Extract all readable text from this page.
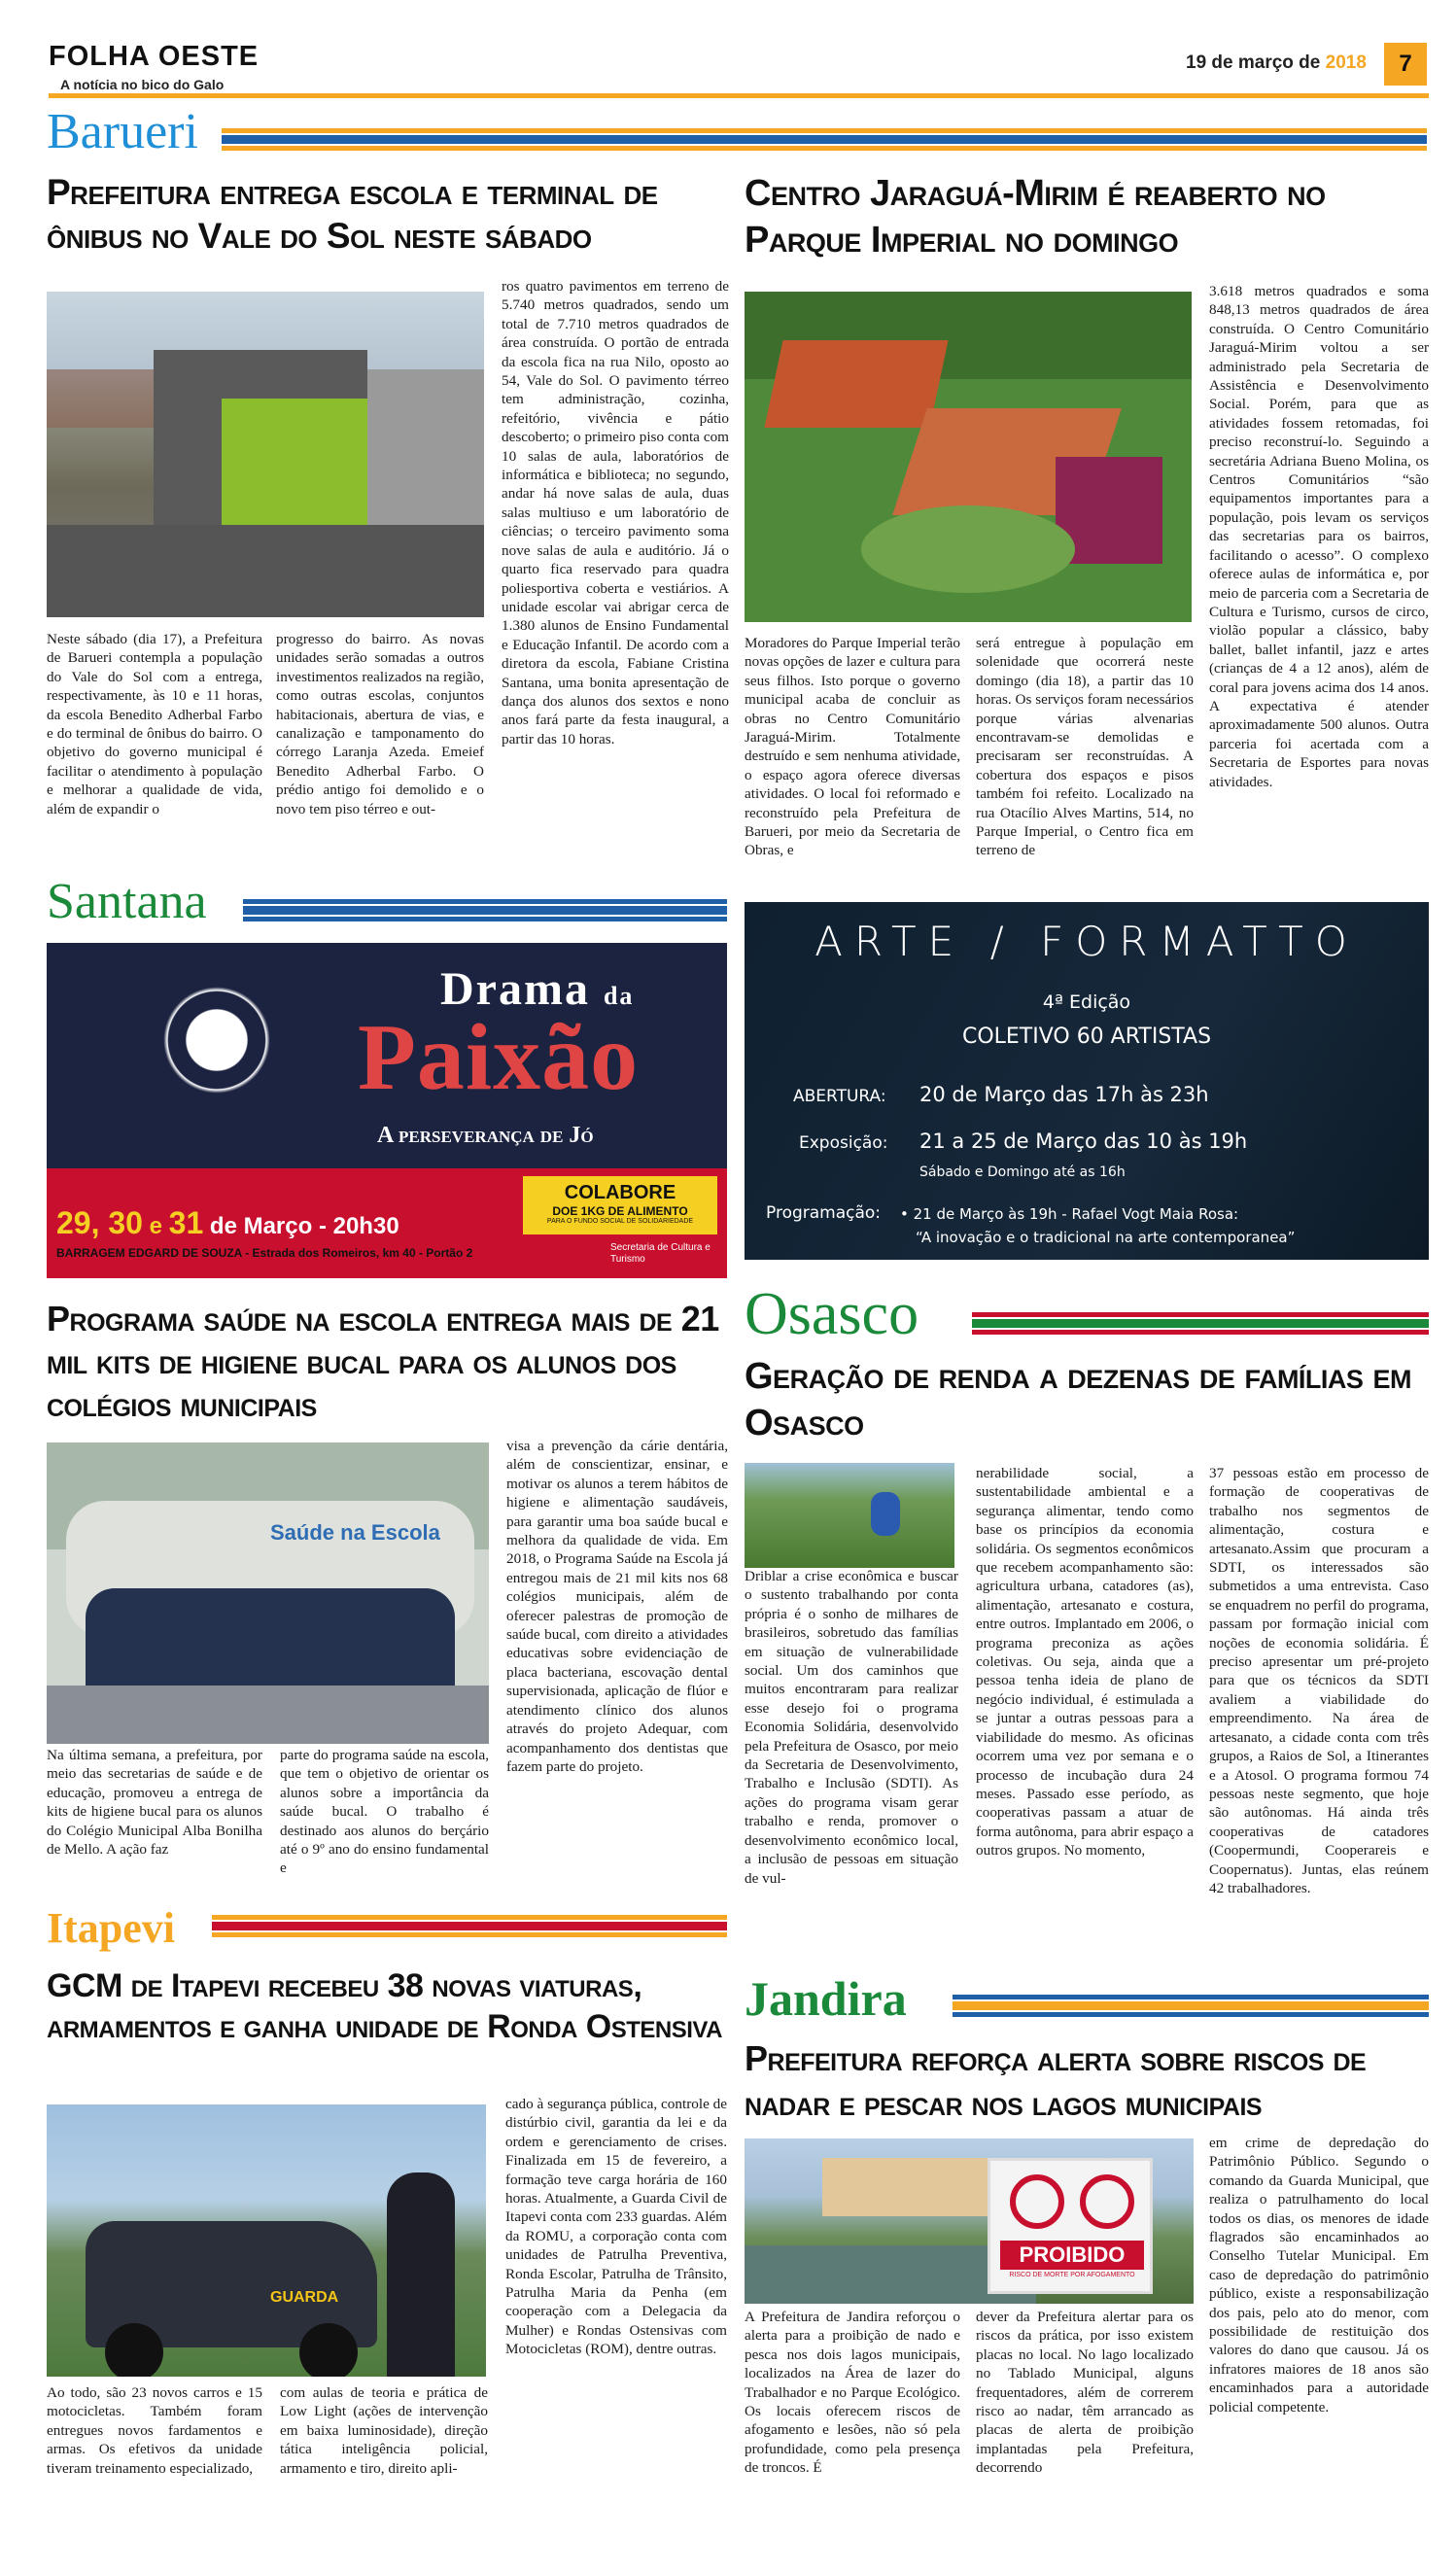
FOLHA OESTE
A notícia no bico do Galo
19 de março de 2018	7
Barueri
Prefeitura entrega escola e terminal de ônibus no Vale do Sol neste sábado
Neste sábado (dia 17), a Prefeitura de Barueri contempla a população do Vale do Sol com a entrega, respectivamente, às 10 e 11 horas, da escola Benedito Adherbal Farbo e do terminal de ônibus do bairro. O objetivo do governo municipal é facilitar o atendimento à população e melhorar a qualidade de vida, além de expandir o
progresso do bairro. As novas unidades serão somadas a outros investimentos realizados na região, como outras escolas, conjuntos habitacionais, abertura de vias, e canalização e tamponamento do córrego Laranja Azeda. Emeief Benedito Adherbal Farbo. O prédio antigo foi demolido e o novo tem piso térreo e out-
ros quatro pavimentos em terreno de 5.740 metros quadrados, sendo um total de 7.710 metros quadrados de área construída. O portão de entrada da escola fica na rua Nilo, oposto ao 54, Vale do Sol. O pavimento térreo tem administração, cozinha, refeitório, vivência e pátio descoberto; o primeiro piso conta com 10 salas de aula, laboratórios de informática e biblioteca; no segundo, andar há nove salas de aula, duas salas multiuso e um laboratório de ciências; o terceiro pavimento soma nove salas de aula e auditório. Já o quarto fica reservado para quadra poliesportiva coberta e vestiários. A unidade escolar vai abrigar cerca de 1.380 alunos de Ensino Fundamental e Educação Infantil. De acordo com a diretora da escola, Fabiane Cristina Santana, uma bonita apresentação de dança dos alunos dos sextos e nono anos fará parte da festa inaugural, a partir das 10 horas.
Centro Jaraguá-Mirim é reaberto no Parque Imperial no domingo
3.618 metros quadrados e soma 848,13 metros quadrados de área construída. O Centro Comunitário Jaraguá-Mirim voltou a ser administrado pela Secretaria de Assistência e Desenvolvimento Social. Porém, para que as atividades fossem retomadas, foi preciso reconstruí-lo. Seguindo a secretária Adriana Bueno Molina, os Centros Comunitários “são equipamentos importantes para a população, pois levam os serviços das secretarias para os bairros, facilitando o acesso”. O complexo oferece aulas de informática e, por meio de parceria com a Secretaria de Cultura e Turismo, cursos de circo, violão popular a clássico, baby ballet, ballet infantil, jazz e artes (crianças de 4 a 12 anos), além de coral para jovens acima dos 14 anos. A expectativa é atender aproximadamente 500 alunos. Outra parceria foi acertada com a Secretaria de Esportes para novas atividades.
Moradores do Parque Imperial terão novas opções de lazer e cultura para seus filhos. Isto porque o governo municipal acaba de concluir as obras no Centro Comunitário Jaraguá-Mirim. Totalmente destruído e sem nenhuma atividade, o espaço agora oferece diversas atividades. O local foi reformado e reconstruído pela Prefeitura de Barueri, por meio da Secretaria de Obras, e
será entregue à população em solenidade que ocorrerá neste domingo (dia 18), a partir das 10 horas. Os serviços foram necessários porque várias alvenarias encontravam-se demolidas e precisaram ser reconstruídas. A cobertura dos espaços e pisos também foi refeito. Localizado na rua Otacílio Alves Martins, 514, no Parque Imperial, o Centro fica em terreno de
Santana
Drama da
Paixão
A perseverança de Jó
29, 30 e 31 de Março - 20h30
BARRAGEM EDGARD DE SOUZA - Estrada dos Romeiros, km 40 - Portão 2
COLABORE
DOE 1KG DE ALIMENTO
PARA O FUNDO SOCIAL DE SOLIDARIEDADE
Secretaria de Cultura e Turismo
ARTE / FORMATTO
4ª Edição
COLETIVO 60 ARTISTAS
ABERTURA: 20 de Março das 17h às 23h
Exposição: 21 a 25 de Março das 10 às 19h
Sábado e Domingo até as 16h
Programação: • 21 de Março às 19h - Rafael Vogt Maia Rosa:
“A inovação e o tradicional na arte contemporanea”
Programa saúde na escola entrega mais de 21 mil kits de higiene bucal para os alunos dos colégios municipais
Saúde na Escola
Na última semana, a prefeitura, por meio das secretarias de saúde e de educação, promoveu a entrega de kits de higiene bucal para os alunos do Colégio Municipal Alba Bonilha de Mello. A ação faz
parte do programa saúde na escola, que tem o objetivo de orientar os alunos sobre a importância da saúde bucal. O trabalho é destinado aos alunos do berçário até o 9º ano do ensino fundamental e
visa a prevenção da cárie dentária, além de conscientizar, ensinar, e motivar os alunos a terem hábitos de higiene e alimentação saudáveis, para garantir uma boa saúde bucal e melhora da qualidade de vida. Em 2018, o Programa Saúde na Escola já entregou mais de 21 mil kits nos 68 colégios municipais, além de oferecer palestras de promoção de saúde bucal, com direito a atividades educativas sobre evidenciação de placa bacteriana, escovação dental supervisionada, aplicação de flúor e atendimento clínico dos alunos através do projeto Adequar, com acompanhamento dos dentistas que fazem parte do projeto.
Osasco
Geração de renda a dezenas de famílias em Osasco
Driblar a crise econômica e buscar o sustento trabalhando por conta própria é o sonho de milhares de brasileiros, sobretudo das famílias em situação de vulnerabilidade social. Um dos caminhos que muitos encontraram para realizar esse desejo foi o programa Economia Solidária, desenvolvido pela Prefeitura de Osasco, por meio da Secretaria de Desenvolvimento, Trabalho e Inclusão (SDTI). As ações do programa visam gerar trabalho e renda, promover o desenvolvimento econômico local, a inclusão de pessoas em situação de vul-
nerabilidade social, a sustentabilidade ambiental e a segurança alimentar, tendo como base os princípios da economia solidária. Os segmentos econômicos que recebem acompanhamento são: agricultura urbana, catadores (as), alimentação, artesanato e costura, entre outros. Implantado em 2006, o programa preconiza as ações coletivas. Ou seja, ainda que a pessoa tenha ideia de plano de negócio individual, é estimulada a se juntar a outras pessoas para a viabilidade do mesmo. As oficinas ocorrem uma vez por semana e o processo de incubação dura 24 meses. Passado esse período, as cooperativas passam a atuar de forma autônoma, para abrir espaço a outros grupos. No momento,
37 pessoas estão em processo de formação de cooperativas de trabalho nos segmentos de alimentação, costura e artesanato.Assim que procuram a SDTI, os interessados são submetidos a uma entrevista. Caso se enquadrem no perfil do programa, passam por formação inicial com noções de economia solidária. É preciso apresentar um pré-projeto para que os técnicos da SDTI avaliem a viabilidade do empreendimento. Na área de artesanato, a cidade conta com três grupos, a Raios de Sol, a Itinerantes e a Atosol. O programa formou 74 pessoas neste segmento, que hoje são autônomas. Há ainda três cooperativas de catadores (Coopermundi, Cooperareis e Coopernatus). Juntas, elas reúnem 42 trabalhadores.
Itapevi
GCM de Itapevi recebeu 38 novas viaturas, armamentos e ganha unidade de Ronda Ostensiva
GUARDA
Ao todo, são 23 novos carros e 15 motocicletas. Também foram entregues novos fardamentos e armas. Os efetivos da unidade tiveram treinamento especializado,
com aulas de teoria e prática de Low Light (ações de intervenção em baixa luminosidade), direção tática inteligência policial, armamento e tiro, direito apli-
cado à segurança pública, controle de distúrbio civil, garantia da lei e da ordem e gerenciamento de crises. Finalizada em 15 de fevereiro, a formação teve carga horária de 160 horas. Atualmente, a Guarda Civil de Itapevi conta com 233 guardas. Além da ROMU, a corporação conta com unidades de Patrulha Preventiva, Ronda Escolar, Patrulha de Trânsito, Patrulha Maria da Penha (em cooperação com a Delegacia da Mulher) e Rondas Ostensivas com Motocicletas (ROM), dentre outras.
Jandira
Prefeitura reforça alerta sobre riscos de nadar e pescar nos lagos municipais
PROIBIDO
RISCO DE MORTE POR AFOGAMENTO
A Prefeitura de Jandira reforçou o alerta para a proibição de nado e pesca nos dois lagos municipais, localizados na Área de lazer do Trabalhador e no Parque Ecológico. Os locais oferecem riscos de afogamento e lesões, não só pela profundidade, como pela presença de troncos. É
dever da Prefeitura alertar para os riscos da prática, por isso existem placas no local. No lago localizado no Tablado Municipal, alguns frequentadores, além de correrem risco ao nadar, têm arrancado as placas de alerta de proibição implantadas pela Prefeitura, decorrendo
em crime de depredação do Patrimônio Público. Segundo o comando da Guarda Municipal, que realiza o patrulhamento do local todos os dias, os menores de idade flagrados são encaminhados ao Conselho Tutelar Municipal. Em caso de depredação do patrimônio público, existe a responsabilização dos pais, pelo ato do menor, com possibilidade de restituição dos valores do dano que causou. Já os infratores maiores de 18 anos são encaminhados para a autoridade policial competente.
